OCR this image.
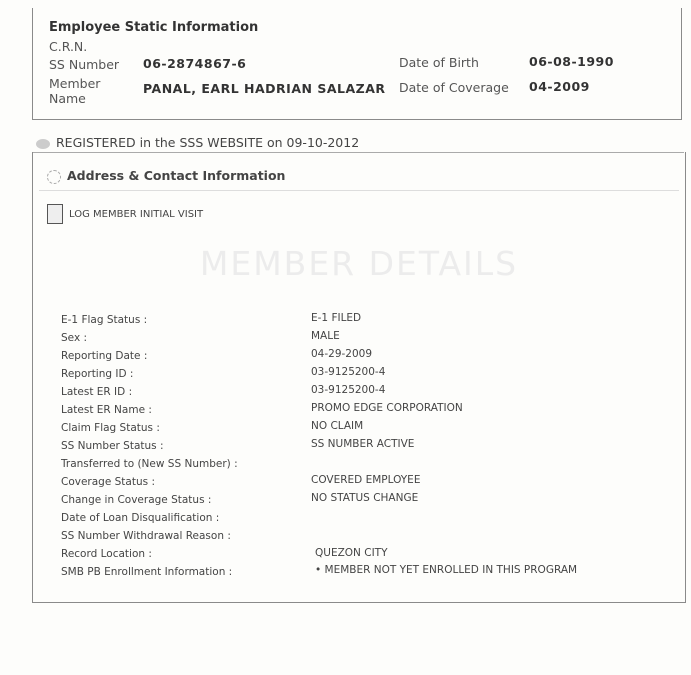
Employee Static Information
C.R.N.
SS Number 06-2874867-6
Member
Name
PANAL, EARL HADRIAN SALAZAR
Date of Birth	06-08-1990
Date of Coverage 04-2009
REGISTERED in the SSS WEBSITE on 09-10-2012
Address & Contact Information
LOG MEMBER INITIAL VISIT
MEMBER DETAILS
E-1 Flag Status :	E-1 FILED
Sex :	MALE
Reporting Date :	04-29-2009
Reporting ID :	03-9125200-4
Latest ER ID :	03-9125200-4
Latest ER Name :	PROMO EDGE CORPORATION
Claim Flag Status :	NO CLAIM
SS Number Status :	SS NUMBER ACTIVE
Transferred to (New SS Number) :
Coverage Status :	COVERED EMPLOYEE
Change in Coverage Status :	NO STATUS CHANGE
Date of Loan Disqualification :
SS Number Withdrawal Reason :
Record Location :	QUEZON CITY
SMB PB Enrollment Information :	• MEMBER NOT YET ENROLLED IN THIS PROGRAM
